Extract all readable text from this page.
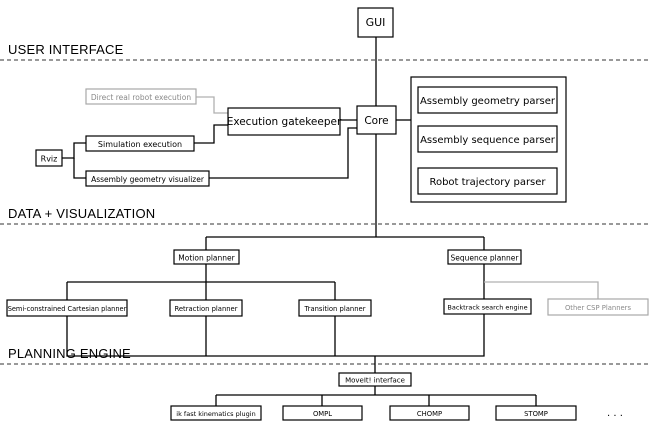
USER INTERFACE
DATA + VISUALIZATION
PLANNING ENGINE
GUI
Core
Execution gatekeeper
Direct real robot execution
Simulation execution
Rviz
Assembly geometry visualizer
Assembly geometry parser
Assembly sequence parser
Robot trajectory parser
Motion planner	Sequence planner
Semi-constrained Cartesian planner	Retraction planner	Transition planner	Backtrack search engine	Other CSP Planners
MoveIt! interface
ik fast kinematics plugin	OMPL	CHOMP	STOMP	. . .
